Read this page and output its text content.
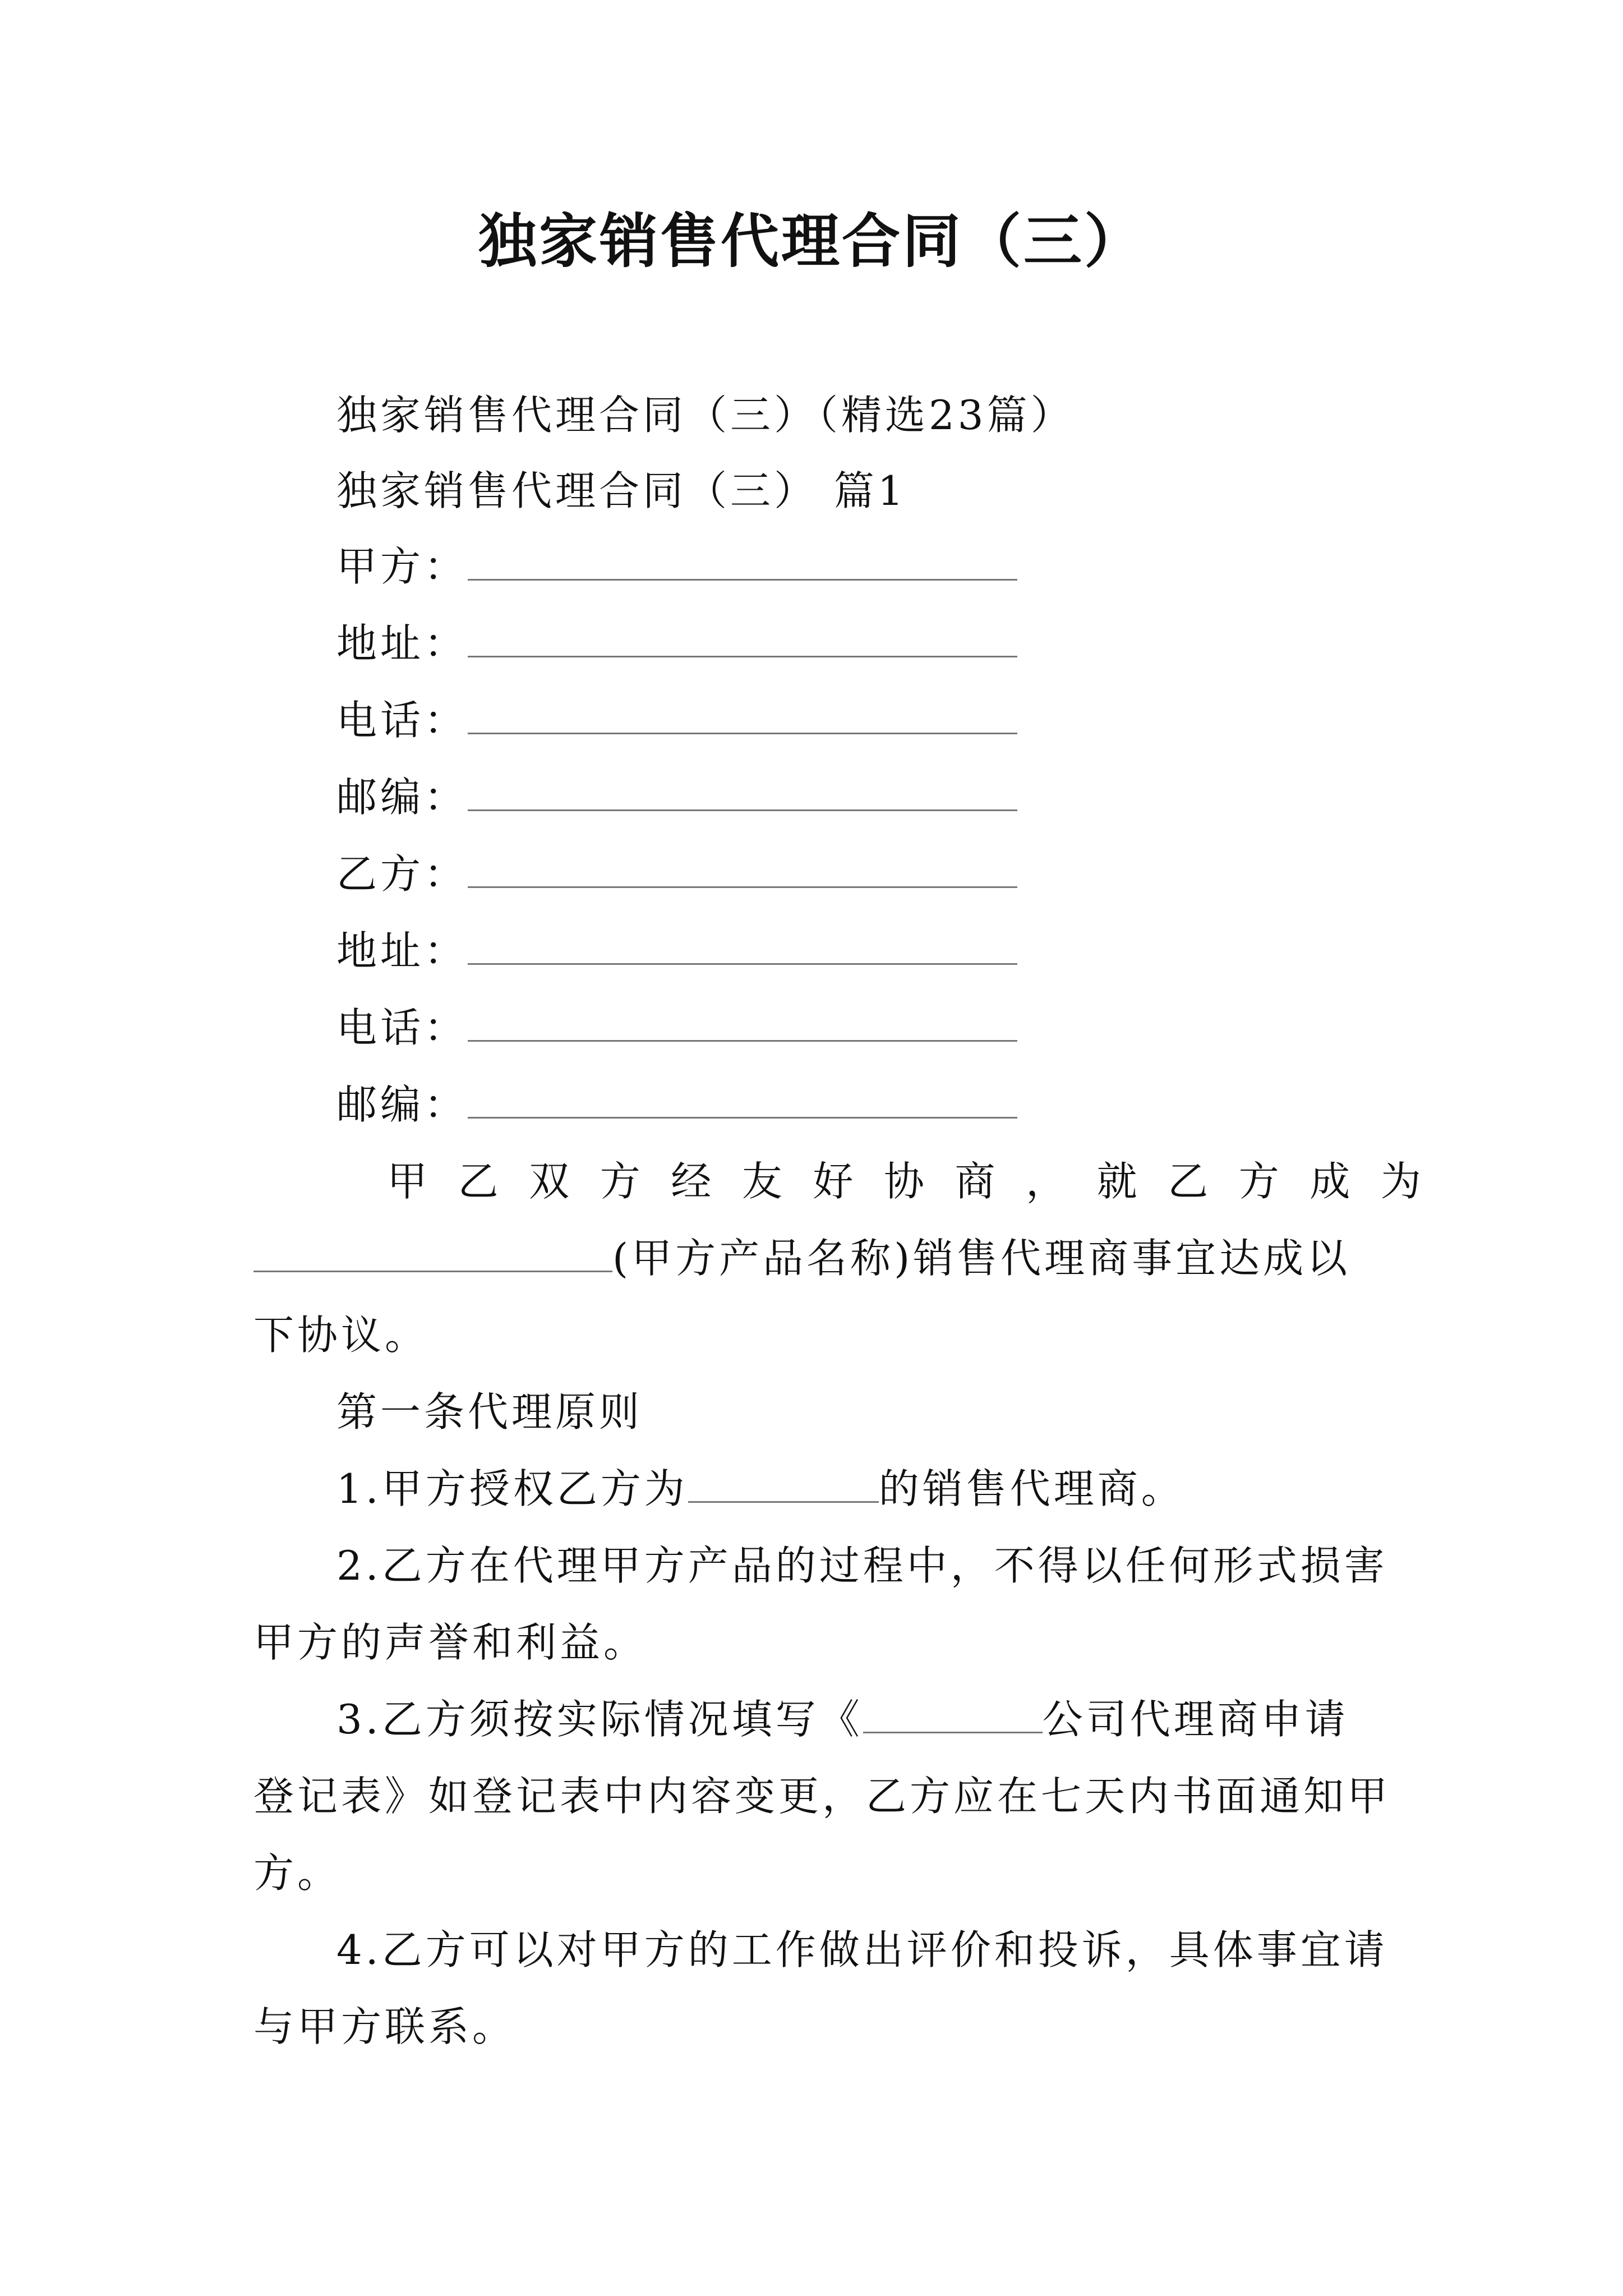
独家销售代理合同（三）
独家销售代理合同（三）（精选23篇）
独家销售代理合同（三） 篇1
甲方：
地址：
电话：
邮编：
乙方：
地址：
电话：
邮编：
甲 乙 双 方 经 友 好 协 商 ， 就 乙 方 成 为
(甲方产品名称)销售代理商事宜达成以
下协议。
第一条代理原则
1.甲方授权乙方为	的销售代理商。
2.乙方在代理甲方产品的过程中，不得以任何形式损害
甲方的声誉和利益。
3.乙方须按实际情况填写《	公司代理商申请
登记表》如登记表中内容变更，乙方应在七天内书面通知甲
方。
4.乙方可以对甲方的工作做出评价和投诉，具体事宜请
与甲方联系。
